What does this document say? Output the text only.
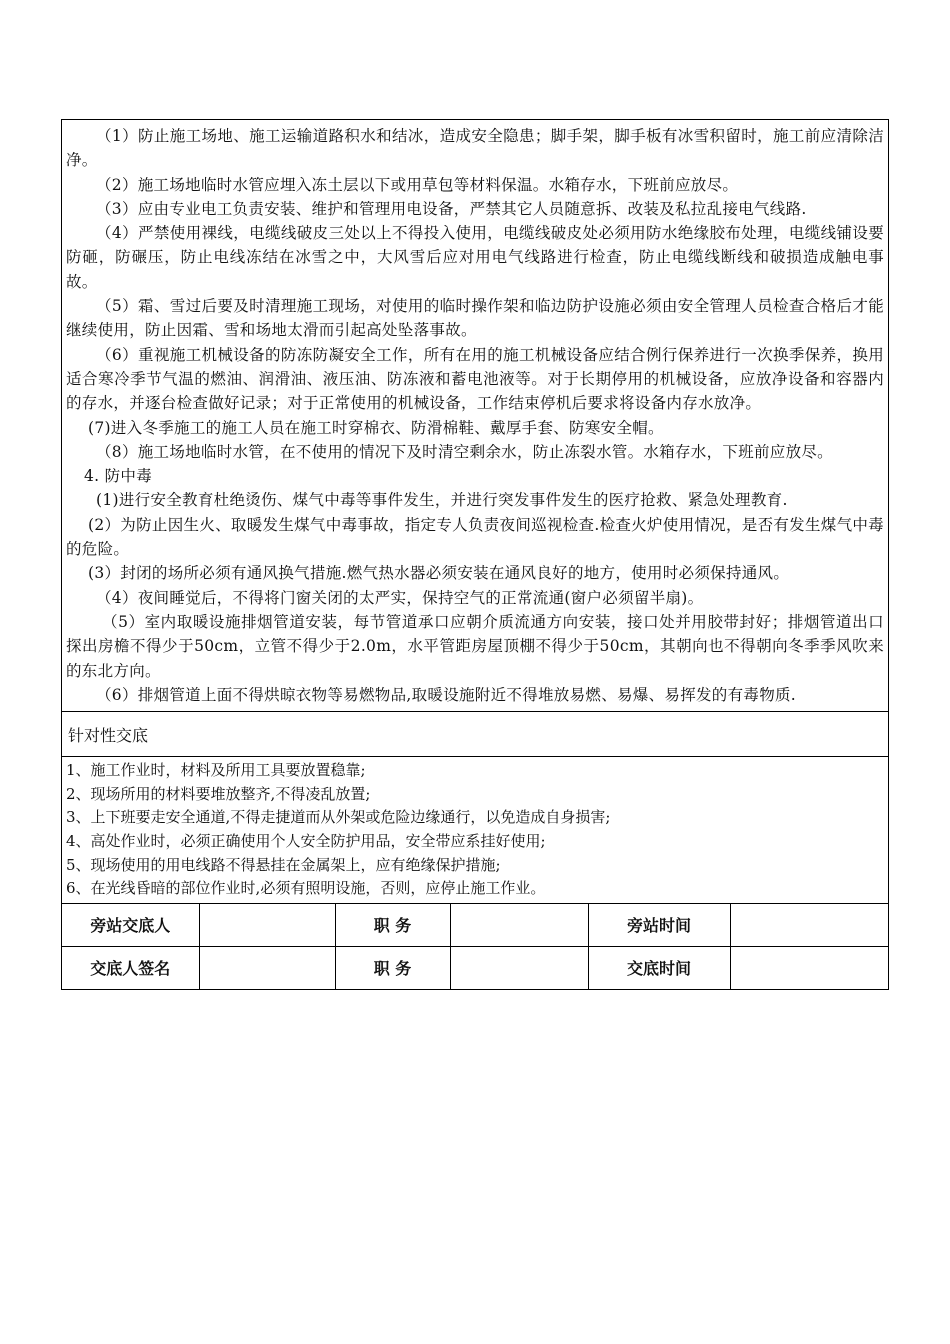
（1）防止施工场地、施工运输道路积水和结冰，造成安全隐患；脚手架，脚手板有冰雪积留时，施工前应清除洁净。

（2）施工场地临时水管应埋入冻土层以下或用草包等材料保温。水箱存水，下班前应放尽。

（3）应由专业电工负责安装、维护和管理用电设备，严禁其它人员随意拆、改装及私拉乱接电气线路.

（4）严禁使用裸线，电缆线破皮三处以上不得投入使用，电缆线破皮处必须用防水绝缘胶布处理，电缆线铺设要防砸，防碾压，防止电线冻结在冰雪之中，大风雪后应对用电气线路进行检查，防止电缆线断线和破损造成触电事故。

（5）霜、雪过后要及时清理施工现场，对使用的临时操作架和临边防护设施必须由安全管理人员检查合格后才能继续使用，防止因霜、雪和场地太滑而引起高处坠落事故。

（6）重视施工机械设备的防冻防凝安全工作，所有在用的施工机械设备应结合例行保养进行一次换季保养，换用适合寒冷季节气温的燃油、润滑油、液压油、防冻液和蓄电池液等。对于长期停用的机械设备，应放净设备和容器内的存水，并逐台检查做好记录；对于正常使用的机械设备，工作结束停机后要求将设备内存水放净。

(7)进入冬季施工的施工人员在施工时穿棉衣、防滑棉鞋、戴厚手套、防寒安全帽。

（8）施工场地临时水管，在不使用的情况下及时清空剩余水，防止冻裂水管。水箱存水，下班前应放尽。

4. 防中毒

(1)进行安全教育杜绝烫伤、煤气中毒等事件发生，并进行突发事件发生的医疗抢救、紧急处理教育.

(2）为防止因生火、取暖发生煤气中毒事故，指定专人负责夜间巡视检查.检查火炉使用情况，是否有发生煤气中毒的危险。

(3）封闭的场所必须有通风换气措施.燃气热水器必须安装在通风良好的地方，使用时必须保持通风。

（4）夜间睡觉后，不得将门窗关闭的太严实，保持空气的正常流通(窗户必须留半扇)。

（5）室内取暖设施排烟管道安装，每节管道承口应朝介质流通方向安装，接口处并用胶带封好；排烟管道出口探出房檐不得少于50cm，立管不得少于2.0m，水平管距房屋顶棚不得少于50cm，其朝向也不得朝向冬季季风吹来的东北方向。

（6）排烟管道上面不得烘晾衣物等易燃物品,取暖设施附近不得堆放易燃、易爆、易挥发的有毒物质.

针对性交底

1、施工作业时，材料及所用工具要放置稳靠;

2、现场所用的材料要堆放整齐,不得凌乱放置;

3、上下班要走安全通道,不得走捷道而从外架或危险边缘通行，以免造成自身损害;

4、高处作业时，必须正确使用个人安全防护用品，安全带应系挂好使用;

5、现场使用的用电线路不得悬挂在金属架上，应有绝缘保护措施;

6、在光线昏暗的部位作业时,必须有照明设施，否则，应停止施工作业。

旁站交底人		职 务		旁站时间	
交底人签名		职 务		交底时间	
